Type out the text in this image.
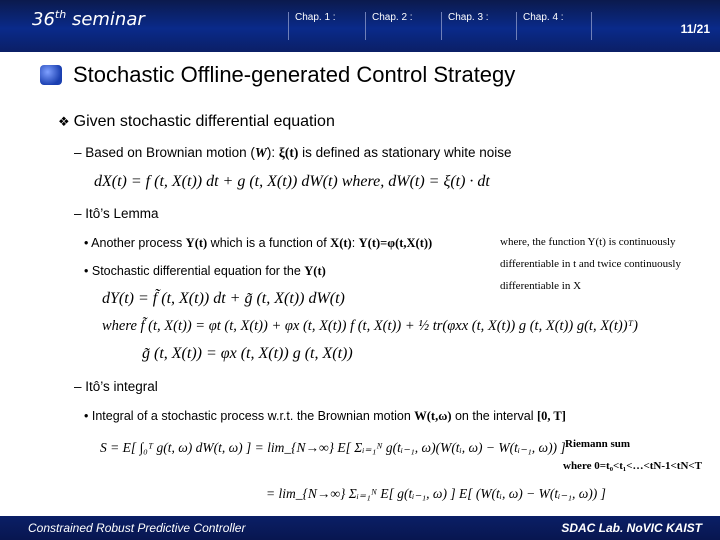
36th seminar	Chap. 1 :	Chap. 2 :	Chap. 3 :	Chap. 4 :
11/21
Stochastic Offline-generated Control Strategy
❖ Given stochastic differential equation
– Based on Brownian motion (W): ξ(t) is defined as stationary white noise
dX(t) = f (t, X(t)) dt + g (t, X(t)) dW(t) where, dW(t) = ξ(t) · dt
– Itô’s Lemma
• Another process Y(t) which is a function of X(t): Y(t)=φ(t,X(t))
• Stochastic differential equation for the Y(t)
where, the function Y(t) is continuously
differentiable in t and twice continuously
differentiable in X
dY(t) = f̃ (t, X(t)) dt + g̃ (t, X(t)) dW(t)
where f̃ (t, X(t)) = φt (t, X(t)) + φx (t, X(t)) f (t, X(t)) + ½ tr(φxx (t, X(t)) g (t, X(t)) g(t, X(t))ᵀ)
g̃ (t, X(t)) = φx (t, X(t)) g (t, X(t))
– Itô’s integral
• Integral of a stochastic process w.r.t. the Brownian motion W(t,ω) on the interval [0, T]
S = E[ ∫₀ᵀ g(t, ω) dW(t, ω) ] = lim_{N→∞} E[ Σᵢ₌₁ᴺ g(tᵢ₋₁, ω)(W(tᵢ, ω) − W(tᵢ₋₁, ω)) ] Riemann sum
where 0=t₀<t₁<…<tN-1<tN<T
= lim_{N→∞} Σᵢ₌₁ᴺ E[ g(tᵢ₋₁, ω) ] E[ (W(tᵢ, ω) − W(tᵢ₋₁, ω)) ]
Constrained Robust Predictive Controller	SDAC Lab. NoVIC KAIST
